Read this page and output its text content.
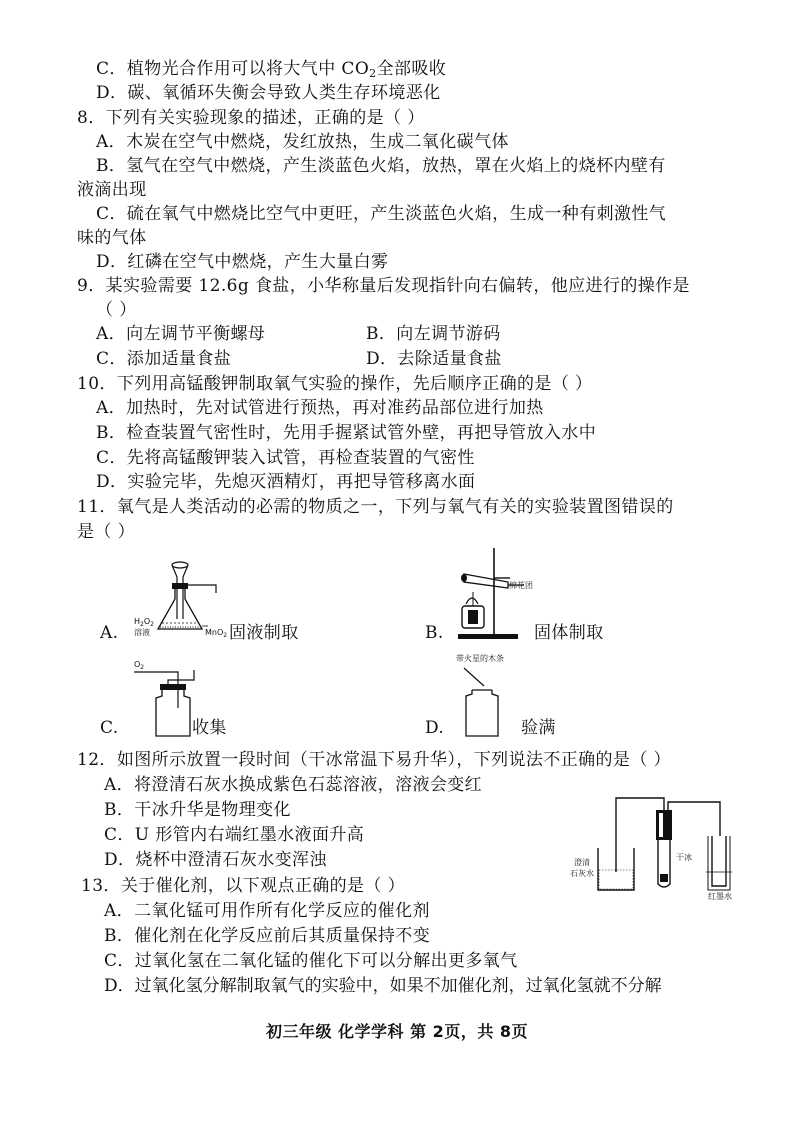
C．植物光合作用可以将大气中 $CO_2$全部吸收
D．碳、氧循环失衡会导致人类生存环境恶化
8．下列有关实验现象的描述，正确的是（ ）
A．木炭在空气中燃烧，发红放热，生成二氧化碳气体
B．氢气在空气中燃烧，产生淡蓝色火焰，放热，罩在火焰上的烧杯内壁有
液滴出现
C．硫在氧气中燃烧比空气中更旺，产生淡蓝色火焰，生成一种有刺激性气
味的气体
D．红磷在空气中燃烧，产生大量白雾
9．某实验需要 12.6g 食盐，小华称量后发现指针向右偏转，他应进行的操作是
（ ）
A．向左调节平衡螺母	B．向左调节游码
C．添加适量食盐	D．去除适量食盐
10．下列用高锰酸钾制取氧气实验的操作，先后顺序正确的是（ ）
A．加热时，先对试管进行预热，再对准药品部位进行加热
B．检查装置气密性时，先用手握紧试管外壁，再把导管放入水中
C．先将高锰酸钾装入试管，再检查装置的气密性
D．实验完毕，先熄灭酒精灯，再把导管移离水面
11．氧气是人类活动的必需的物质之一，下列与氧气有关的实验装置图错误的
是（ ）
A.
$H_2O_2$
溶液	MnO$_2$ 固液制取	B.
棉花团
固体制取
$O_2$
C.	收集
带火星的木条
D.	验满
12．如图所示放置一段时间（干冰常温下易升华），下列说法不正确的是（ ）
A．将澄清石灰水换成紫色石蕊溶液，溶液会变红
B．干冰升华是物理变化
C．U 形管内右端红墨水液面升高
D．烧杯中澄清石灰水变浑浊	澄清
石灰水
干冰
红墨水
13．关于催化剂，以下观点正确的是（ ）
A．二氧化锰可用作所有化学反应的催化剂
B．催化剂在化学反应前后其质量保持不变
C．过氧化氢在二氧化锰的催化下可以分解出更多氧气
D．过氧化氢分解制取氧气的实验中，如果不加催化剂，过氧化氢就不分解
初三年级 化学学科 第 2页，共 8页
